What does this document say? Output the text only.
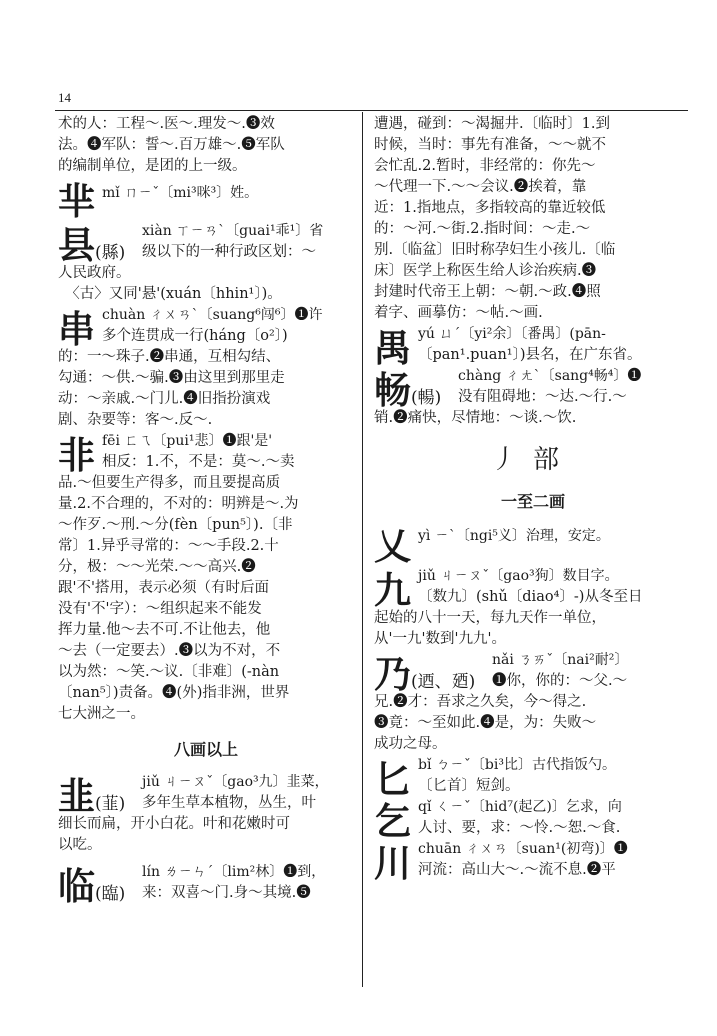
14
术的人：工程～.医～.理发～.❸效
法。❹军队：誓～.百万雄～.❺军队
的编制单位，是团的上一级。
芈 mǐ ㄇㄧˇ〔mi³咪³〕姓。
县(縣)
xiàn ㄒㄧㄢˋ〔guai¹乖¹〕省
级以下的一种行政区划：～
人民政府。
　〈古〉又同'悬'(xuán〔hhin¹〕)。
串 chuàn ㄔㄨㄢˋ〔suang⁶闯⁶〕❶许
多个连贯成一行(háng〔o²〕)
的：一～珠子.❷串通，互相勾结、
勾通：～供.～骗.❸由这里到那里走
动：～亲戚.～门儿.❹旧指扮演戏
剧、杂要等：客～.反～.
非 fēi ㄈㄟ〔pui¹悲〕❶跟'是'
相反：1.不，不是：莫～.～卖
品.～但要生产得多，而且要提高质
量.2.不合理的，不对的：明辨是～.为
～作歹.～刑.～分(fèn〔pun⁵〕).〔非
常〕1.异乎寻常的：～～手段.2.十
分，极：～～光荣.～～高兴.❷
跟'不'搭用，表示必须（有时后面
没有'不'字）：～组织起来不能发
挥力量.他～去不可.不让他去，他
～去（一定要去）.❸以为不对，不
以为然：～笑.～议.〔非难〕(-nàn
〔nan⁵〕)责备。❹(外)指非洲，世界
七大洲之一。
八画以上
韭(韮)
jiǔ ㄐㄧㄡˇ〔gao³九〕韭菜，
多年生草本植物，丛生，叶
细长而扁，开小白花。叶和花嫩时可
以吃。
临(臨)
lín ㄌㄧㄣˊ〔lim²林〕❶到，
来：双喜～门.身～其境.❺
遭遇，碰到：～渴掘井.〔临时〕1.到
时候，当时：事先有准备，～～就不
会忙乱.2.暂时，非经常的：你先～
～代理一下.～～会议.❷挨着，靠
近：1.指地点，多指较高的靠近较低
的：～河.～街.2.指时间：～走.～
别.〔临盆〕旧时称孕妇生小孩儿.〔临
床〕医学上称医生给人诊治疾病.❸
封建时代帝王上朝：～朝.～政.❹照
着字、画摹仿：～帖.～画.
禺 yú ㄩˊ〔yi²余〕〔番禺〕(pān-
〔pan¹.puan¹〕)县名，在广东省。
畅(暢)
chàng ㄔㄤˋ〔sang⁴畅⁴〕❶
没有阻碍地：～达.～行.～
销.❷痛快，尽情地：～谈.～饮.
丿部
一至二画
乂 yì ㄧˋ〔ngi⁵义〕治理，安定。
九 jiǔ ㄐㄧㄡˇ〔gao³狗〕数目字。
〔数九〕(shǔ〔diao⁴〕-)从冬至日
起始的八十一天，每九天作一单位，
从'一九'数到'九九'。
乃(迺、廼)
nǎi ㄋㄞˇ〔nai²耐²〕
❶你，你的：～父.～
兄.❷才：吾求之久矣，今～得之.
❸竟：～至如此.❹是，为：失败～
成功之母。
匕 bǐ ㄅㄧˇ〔bi³比〕古代指饭勺。
〔匕首〕短剑。
乞 qǐ ㄑㄧˇ〔hid⁷(起乙)〕乞求，向
人讨、要，求：～怜.～恕.～食.
川 chuān ㄔㄨㄢ〔suan¹(初弯)〕❶
河流：高山大～.～流不息.❷平
